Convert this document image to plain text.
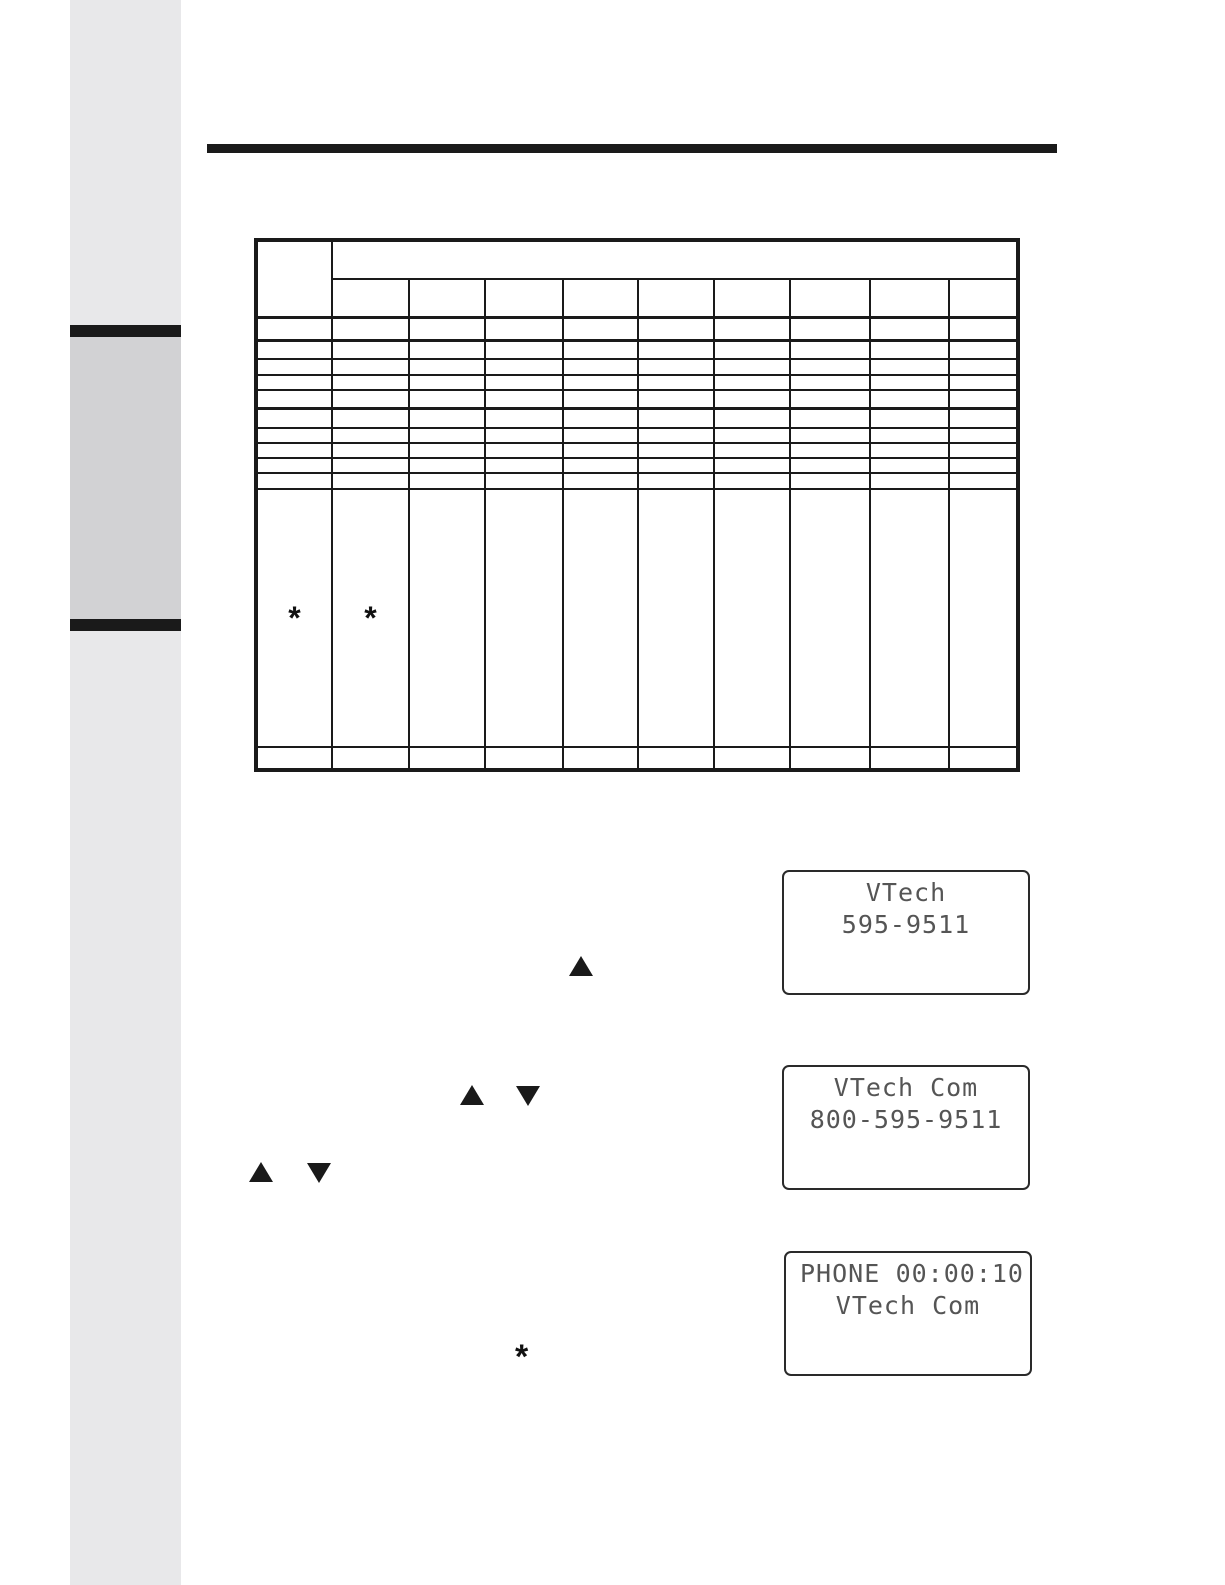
*	*								

*
VTech
595-9511
VTech Com
800-595-9511
PHONE 00:00:10
VTech Com
